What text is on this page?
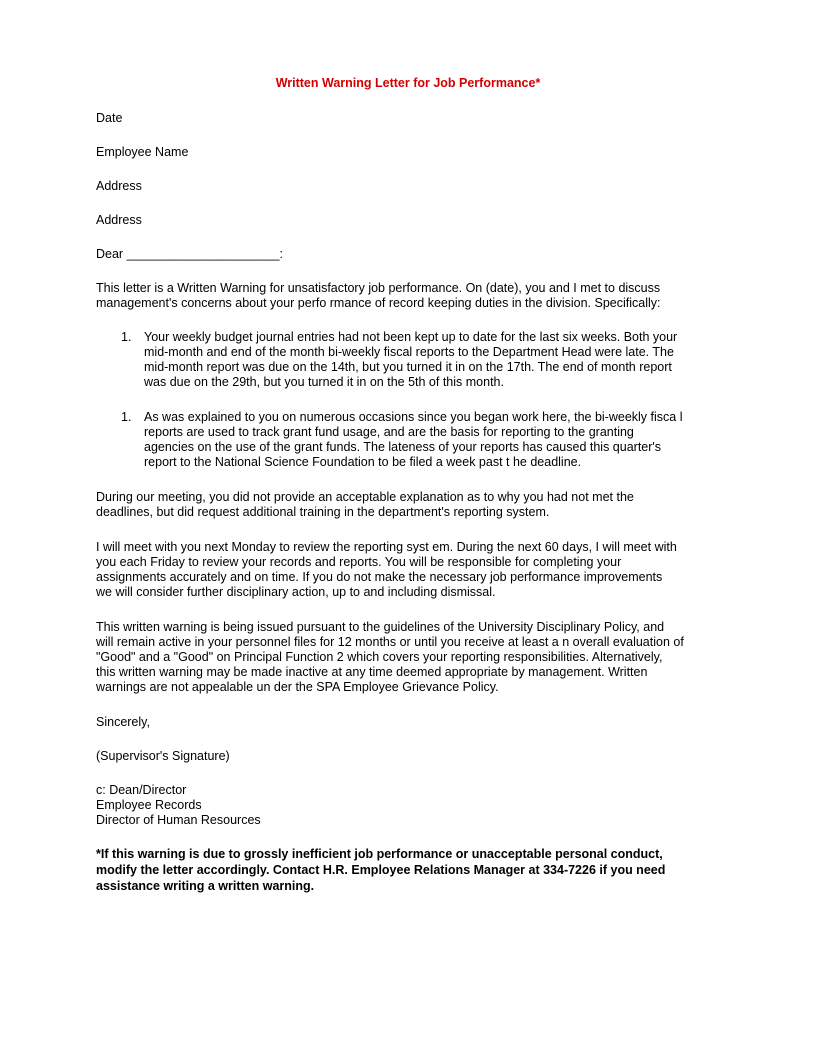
Written Warning Letter for Job Performance*

Date

Employee Name

Address

Address

Dear ______________________:

This letter is a Written Warning for unsatisfactory job performance. On (date), you and I met to discuss
management's concerns about your perfo rmance of record keeping duties in the division. Specifically:
1. Your weekly budget journal entries had not been kept up to date for the last six weeks. Both your
mid-month and end of the month bi-weekly fiscal reports to the Department Head were late. The
mid-month report was due on the 14th, but you turned it in on the 17th. The end of month report
was due on the 29th, but you turned it in on the 5th of this month.
1. As was explained to you on numerous occasions since you began work here, the bi-weekly fisca l
reports are used to track grant fund usage, and are the basis for reporting to the granting
agencies on the use of the grant funds. The lateness of your reports has caused this quarter's
report to the National Science Foundation to be filed a week past t he deadline.
During our meeting, you did not provide an acceptable explanation as to why you had not met the
deadlines, but did request additional training in the department's reporting system.
I will meet with you next Monday to review the reporting syst em. During the next 60 days, I will meet with
you each Friday to review your records and reports. You will be responsible for completing your
assignments accurately and on time. If you do not make the necessary job performance improvements
we will consider further disciplinary action, up to and including dismissal.
This written warning is being issued pursuant to the guidelines of the University Disciplinary Policy, and
will remain active in your personnel files for 12 months or until you receive at least a n overall evaluation of
"Good" and a "Good" on Principal Function 2 which covers your reporting responsibilities. Alternatively,
this written warning may be made inactive at any time deemed appropriate by management. Written
warnings are not appealable un der the SPA Employee Grievance Policy.

Sincerely,

(Supervisor's Signature)

c: Dean/Director
Employee Records
Director of Human Resources
*If this warning is due to grossly inefficient job performance or unacceptable personal conduct,
modify the letter accordingly. Contact H.R. Employee Relations Manager at 334-7226 if you need
assistance writing a written warning.
